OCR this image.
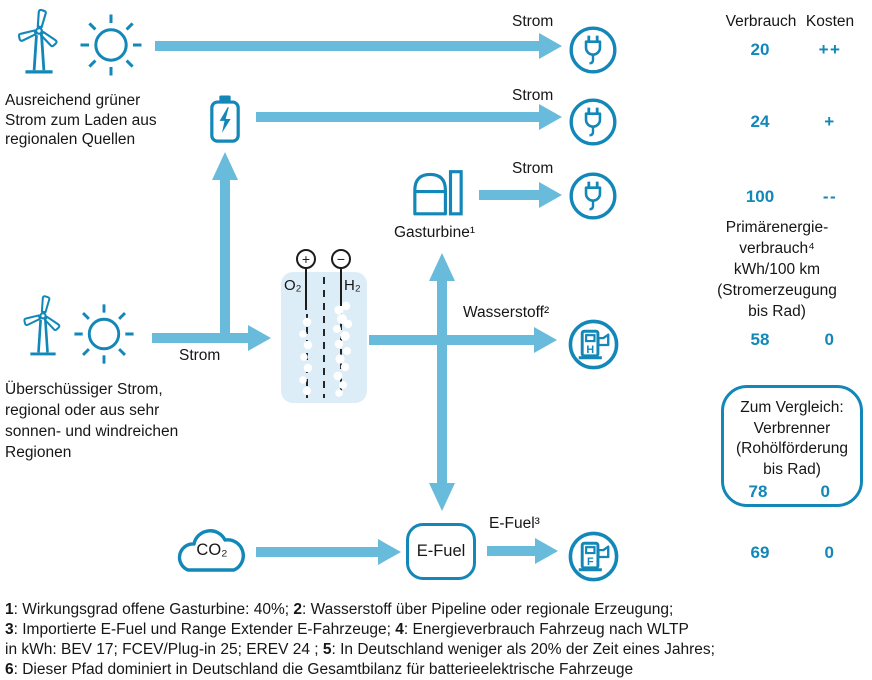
Ausreichend grüner Strom zum Laden aus regionalen Quellen
Strom
Strom
Strom
Wasserstoff²
E-Fuel³
Strom
Verbrauch Kosten
20	++
24	+
100	--
58	0
69	0
Primärenergie-
verbrauch⁴
kWh/100 km
(Stromerzeugung
bis Rad)
Gasturbine¹
+	−
O₂	H₂
Überschüssiger Strom, regional oder aus sehr sonnen- und windreichen Regionen
H
Zum Vergleich:
Verbrenner
(Rohölförderung
bis Rad)
78	0
CO₂	E-Fuel
F
1: Wirkungsgrad offene Gasturbine: 40%; 2: Wasserstoff über Pipeline oder regionale Erzeugung;
3: Importierte E-Fuel und Range Extender E-Fahrzeuge; 4: Energieverbrauch Fahrzeug nach WLTP
in kWh: BEV 17; FCEV/Plug-in 25; EREV 24 ; 5: In Deutschland weniger als 20% der Zeit eines Jahres;
6: Dieser Pfad dominiert in Deutschland die Gesamtbilanz für batterieelektrische Fahrzeuge
